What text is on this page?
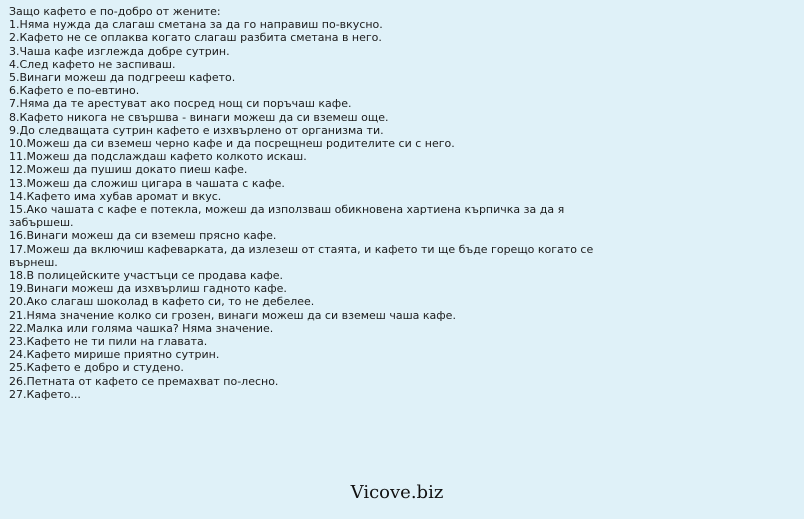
Защо кафето е по-добро от жените:
1.Няма нужда да слагаш сметана за да го направиш по-вкусно.
2.Кафето не се оплаква когато слагаш разбита сметана в него.
3.Чаша кафе изглежда добре сутрин.
4.След кафето не заспиваш.
5.Винаги можеш да подгрееш кафето.
6.Кафето е по-евтино.
7.Няма да те арестуват ако посред нощ си поръчаш кафе.
8.Кафето никога не свършва - винаги можеш да си вземеш още.
9.До следващата сутрин кафето е изхвърлено от организма ти.
10.Можеш да си вземеш черно кафе и да посрещнеш родителите си с него.
11.Можеш да подслаждаш кафето колкото искаш.
12.Можеш да пушиш докато пиеш кафе.
13.Можеш да сложиш цигара в чашата с кафе.
14.Кафето има хубав аромат и вкус.
15.Ако чашата с кафе е потекла, можеш да използваш обикновена хартиена кърпичка за да я забършеш.
16.Винаги можеш да си вземеш прясно кафе.
17.Можеш да включиш кафеварката, да излезеш от стаята, и кафето ти ще бъде горещо когато се върнеш.
18.В полицейските участъци се продава кафе.
19.Винаги можеш да изхвърлиш гадното кафе.
20.Ако слагаш шоколад в кафето си, то не дебелее.
21.Няма значение колко си грозен, винаги можеш да си вземеш чаша кафе.
22.Малка или голяма чашка? Няма значение.
23.Кафето не ти пили на главата.
24.Кафето мирише приятно сутрин.
25.Кафето е добро и студено.
26.Петната от кафето се премахват по-лесно.
27.Кафето...
Vicove.biz
